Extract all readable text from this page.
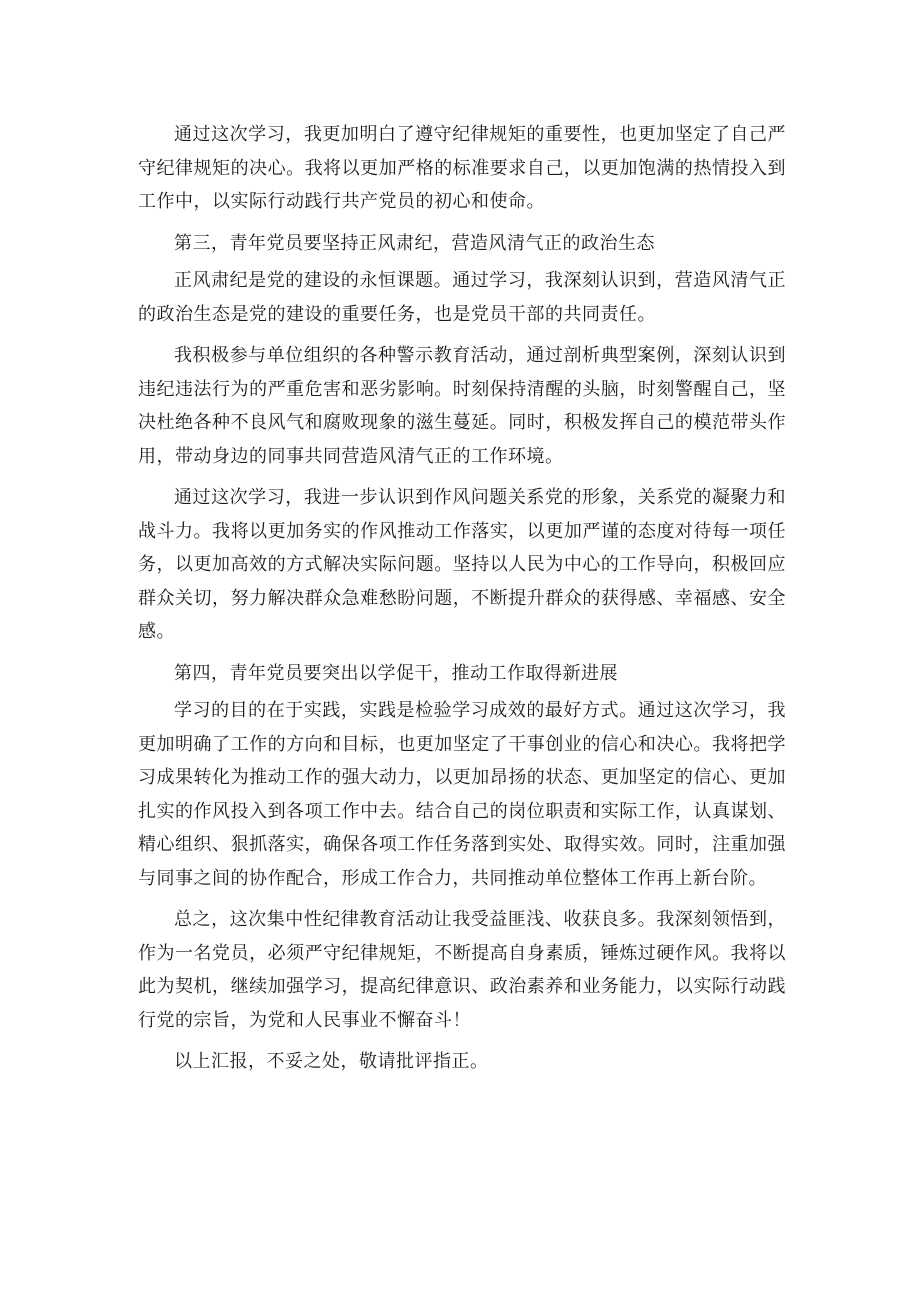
通过这次学习，我更加明白了遵守纪律规矩的重要性，也更加坚定了自己严守纪律规矩的决心。我将以更加严格的标准要求自己，以更加饱满的热情投入到工作中，以实际行动践行共产党员的初心和使命。

第三，青年党员要坚持正风肃纪，营造风清气正的政治生态

正风肃纪是党的建设的永恒课题。通过学习，我深刻认识到，营造风清气正的政治生态是党的建设的重要任务，也是党员干部的共同责任。

我积极参与单位组织的各种警示教育活动，通过剖析典型案例，深刻认识到违纪违法行为的严重危害和恶劣影响。时刻保持清醒的头脑，时刻警醒自己，坚决杜绝各种不良风气和腐败现象的滋生蔓延。同时，积极发挥自己的模范带头作用，带动身边的同事共同营造风清气正的工作环境。

通过这次学习，我进一步认识到作风问题关系党的形象，关系党的凝聚力和战斗力。我将以更加务实的作风推动工作落实，以更加严谨的态度对待每一项任务，以更加高效的方式解决实际问题。坚持以人民为中心的工作导向，积极回应群众关切，努力解决群众急难愁盼问题，不断提升群众的获得感、幸福感、安全感。

第四，青年党员要突出以学促干，推动工作取得新进展

学习的目的在于实践，实践是检验学习成效的最好方式。通过这次学习，我更加明确了工作的方向和目标，也更加坚定了干事创业的信心和决心。我将把学习成果转化为推动工作的强大动力，以更加昂扬的状态、更加坚定的信心、更加扎实的作风投入到各项工作中去。结合自己的岗位职责和实际工作，认真谋划、精心组织、狠抓落实，确保各项工作任务落到实处、取得实效。同时，注重加强与同事之间的协作配合，形成工作合力，共同推动单位整体工作再上新台阶。

总之，这次集中性纪律教育活动让我受益匪浅、收获良多。我深刻领悟到，作为一名党员，必须严守纪律规矩，不断提高自身素质，锤炼过硬作风。我将以此为契机，继续加强学习，提高纪律意识、政治素养和业务能力，以实际行动践行党的宗旨，为党和人民事业不懈奋斗！

以上汇报，不妥之处，敬请批评指正。
